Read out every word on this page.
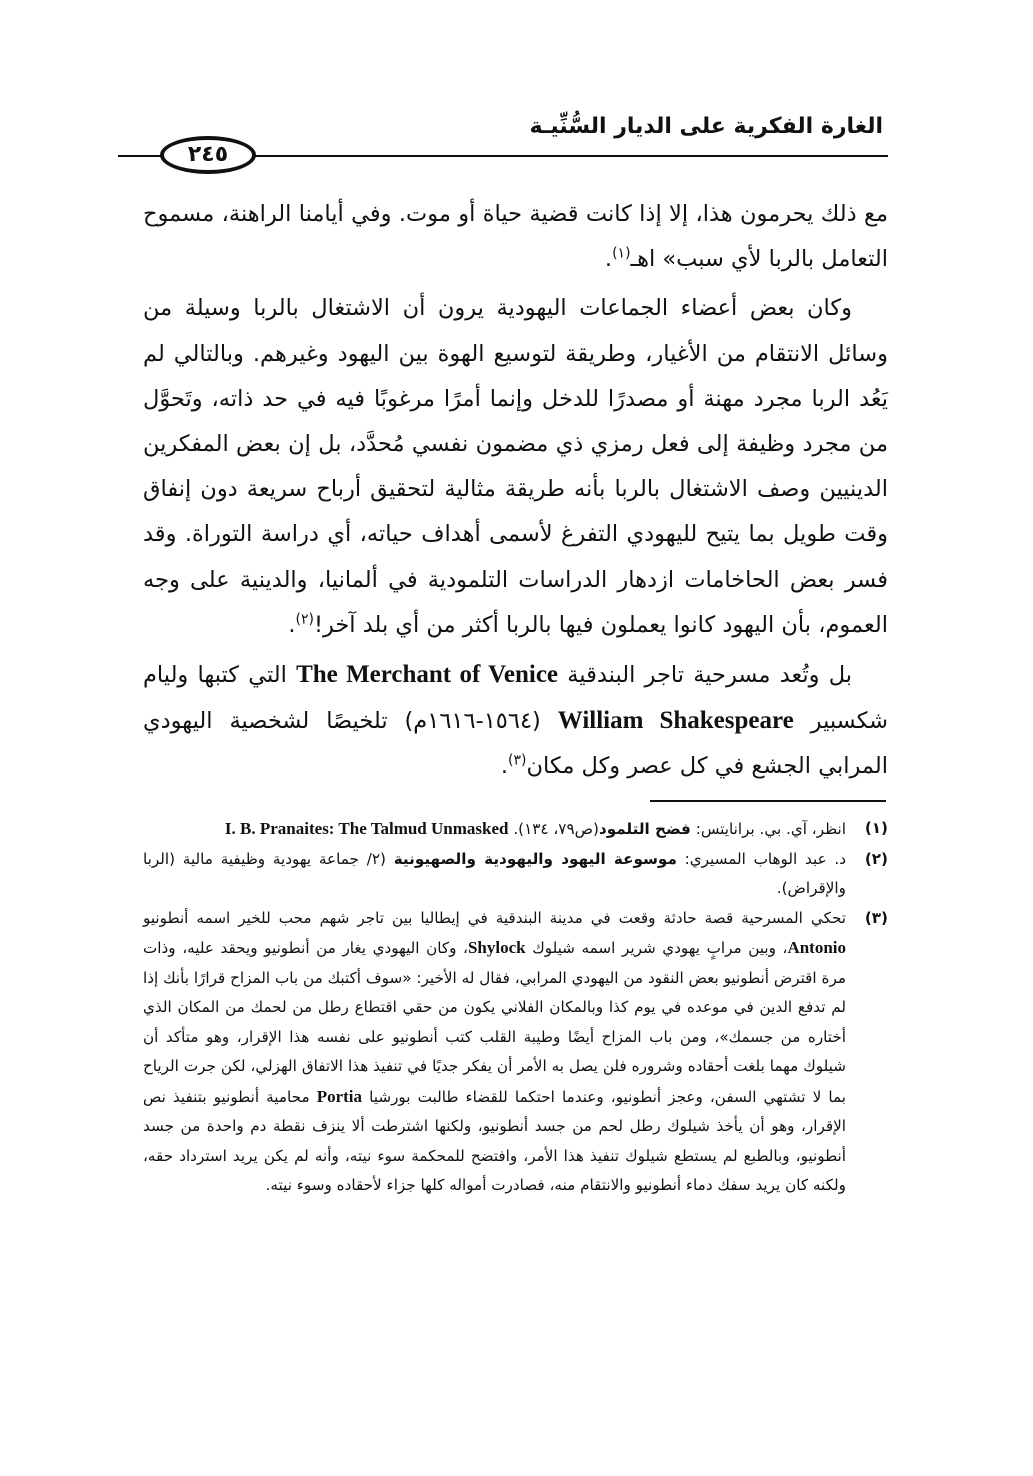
الغارة الفكرية على الديار السُّنِّيـة
٢٤٥

مع ذلك يحرمون هذا، إلا إذا كانت قضية حياة أو موت. وفي أيامنا الراهنة، مسموح التعامل بالربا لأي سبب» اهـ$^{(١)}$.

وكان بعض أعضاء الجماعات اليهودية يرون أن الاشتغال بالربا وسيلة من وسائل الانتقام من الأغيار، وطريقة لتوسيع الهوة بين اليهود وغيرهم. وبالتالي لم يَعُد الربا مجرد مهنة أو مصدرًا للدخل وإنما أمرًا مرغوبًا فيه في حد ذاته، وتَحوَّل من مجرد وظيفة إلى فعل رمزي ذي مضمون نفسي مُحدَّد، بل إن بعض المفكرين الدينيين وصف الاشتغال بالربا بأنه طريقة مثالية لتحقيق أرباح سريعة دون إنفاق وقت طويل بما يتيح لليهودي التفرغ لأسمى أهداف حياته، أي دراسة التوراة. وقد فسر بعض الحاخامات ازدهار الدراسات التلمودية في ألمانيا، والدينية على وجه العموم، بأن اليهود كانوا يعملون فيها بالربا أكثر من أي بلد آخر!$^{(٢)}$.

بل وتُعد مسرحية تاجر البندقية The Merchant of Venice التي كتبها وليام شكسبير William Shakespeare (١٥٦٤-١٦١٦م) تلخيصًا لشخصية اليهودي المرابي الجشع في كل عصر وكل مكان$^{(٣)}$.

(١)
انظر، آي. بي. برانايتس: فضح التلمود(ص٧٩، ١٣٤). I. B. Pranaites: The Talmud Unmasked
(٢)
د. عبد الوهاب المسيري: موسوعة اليهود واليهودية والصهيونية (٢/ جماعة يهودية وظيفية مالية (الربا والإقراض).
(٣)
تحكي المسرحية قصة حادثة وقعت في مدينة البندقية في إيطاليا بين تاجر شهم محب للخير اسمه أنطونيو Antonio، وبين مرابٍ يهودي شرير اسمه شيلوك Shylock، وكان اليهودي يغار من أنطونيو ويحقد عليه، وذات مرة اقترض أنطونيو بعض النقود من اليهودي المرابي، فقال له الأخير: «سوف أكتبك من باب المزاح قرارًا بأنك إذا لم تدفع الدين في موعده في يوم كذا وبالمكان الفلاني يكون من حقي اقتطاع رطل من لحمك من المكان الذي أختاره من جسمك»، ومن باب المزاح أيضًا وطيبة القلب كتب أنطونيو على نفسه هذا الإقرار، وهو متأكد أن شيلوك مهما بلغت أحقاده وشروره فلن يصل به الأمر أن يفكر جديًا في تنفيذ هذا الاتفاق الهزلي، لكن جرت الرياح بما لا تشتهي السفن، وعجز أنطونيو، وعندما احتكما للقضاء طالبت بورشيا Portia محامية أنطونيو بتنفيذ نص الإقرار، وهو أن يأخذ شيلوك رطل لحم من جسد أنطونيو، ولكنها اشترطت ألا ينزف نقطة دم واحدة من جسد أنطونيو، وبالطبع لم يستطع شيلوك تنفيذ هذا الأمر، وافتضح للمحكمة سوء نيته، وأنه لم يكن يريد استرداد حقه، ولكنه كان يريد سفك دماء أنطونيو والانتقام منه، فصادرت أمواله كلها جزاء لأحقاده وسوء نيته.
